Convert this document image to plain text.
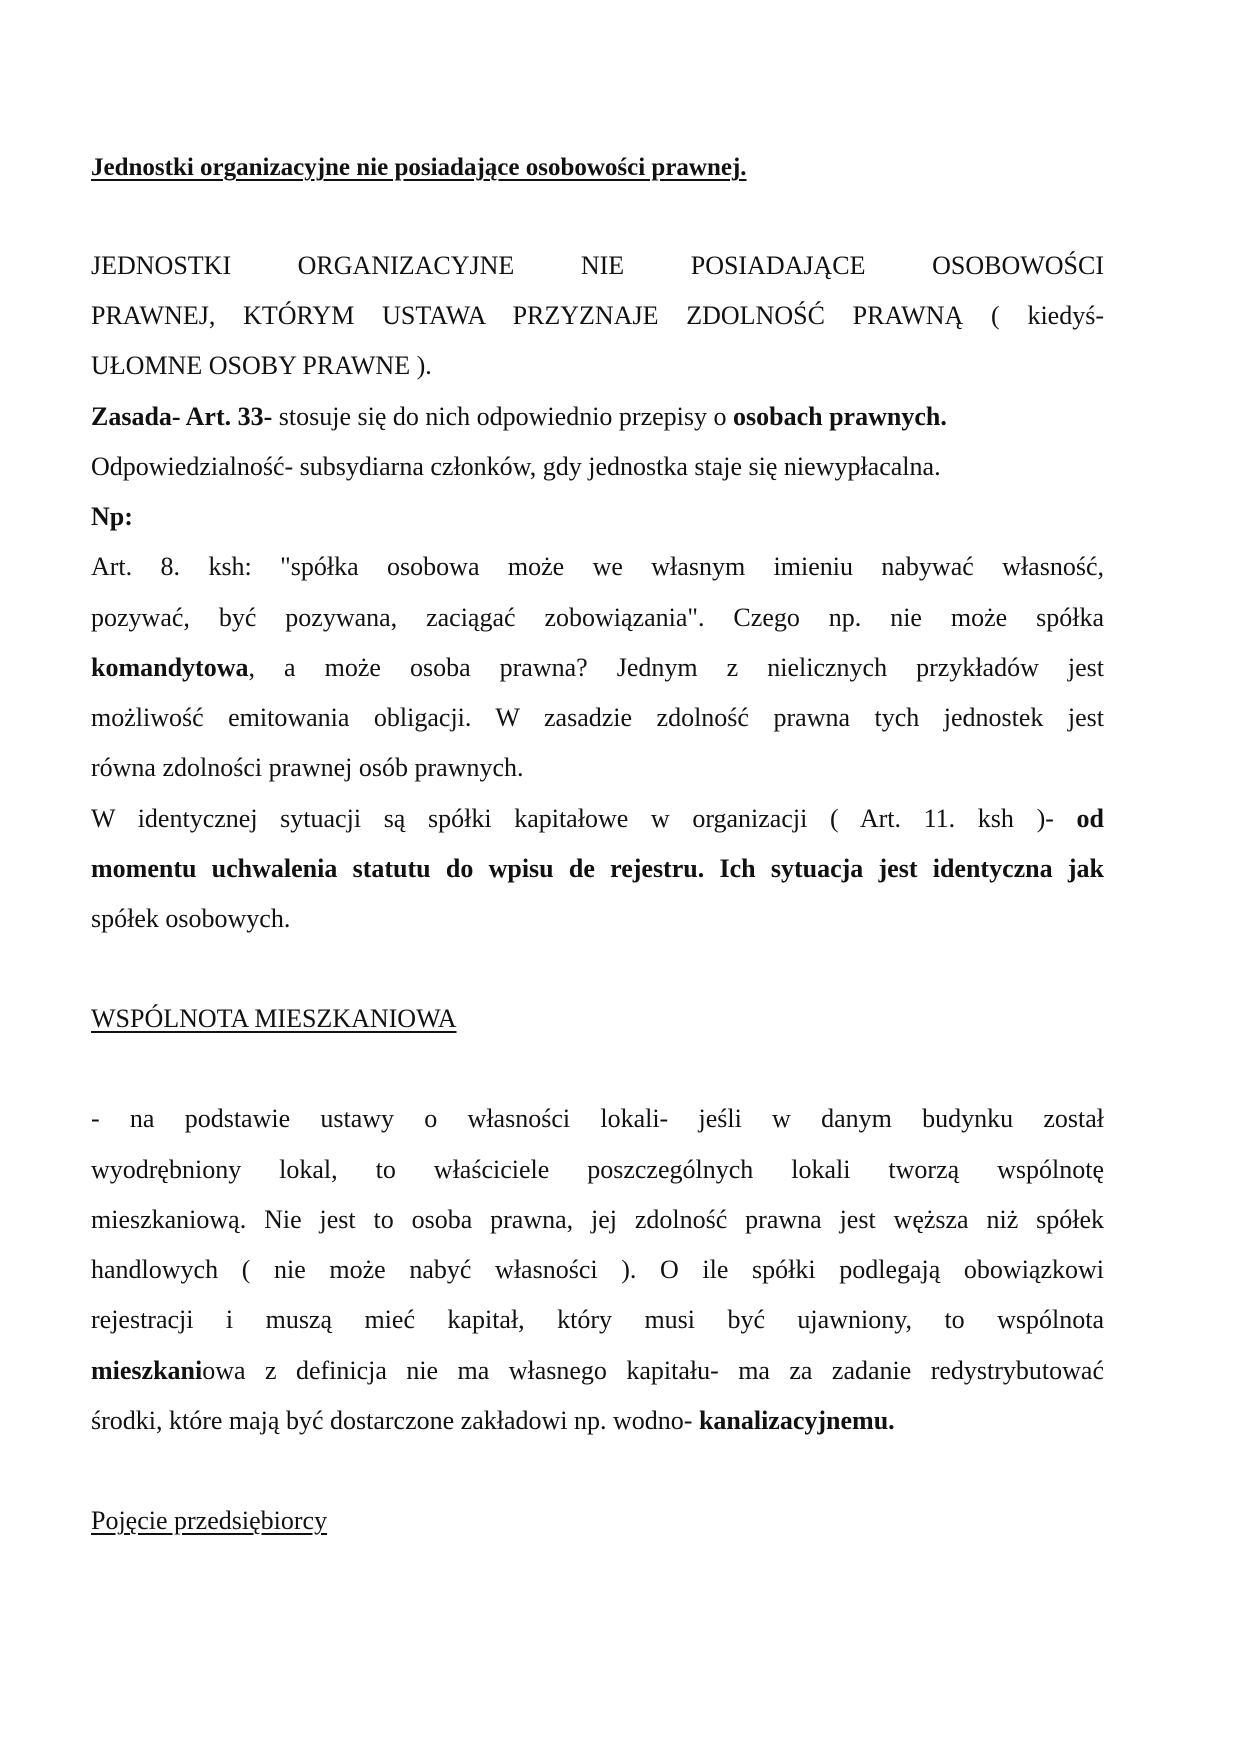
Jednostki organizacyjne nie posiadające osobowości prawnej.
JEDNOSTKI ORGANIZACYJNE NIE POSIADAJĄCE OSOBOWOŚCI
PRAWNEJ, KTÓRYM USTAWA PRZYZNAJE ZDOLNOŚĆ PRAWNĄ ( kiedyś-
UŁOMNE OSOBY PRAWNE ).
Zasada- Art. 33- stosuje się do nich odpowiednio przepisy o osobach prawnych.
Odpowiedzialność- subsydiarna członków, gdy jednostka staje się niewypłacalna.
Np:
Art. 8. ksh: "spółka osobowa może we własnym imieniu nabywać własność,
pozywać, być pozywana, zaciągać zobowiązania". Czego np. nie może spółka
komandytowa, a może osoba prawna? Jednym z nielicznych przykładów jest
możliwość emitowania obligacji. W zasadzie zdolność prawna tych jednostek jest
równa zdolności prawnej osób prawnych.
W identycznej sytuacji są spółki kapitałowe w organizacji ( Art. 11. ksh )- od
momentu uchwalenia statutu do wpisu de rejestru. Ich sytuacja jest identyczna jak
spółek osobowych.
WSPÓLNOTA MIESZKANIOWA
- na podstawie ustawy o własności lokali- jeśli w danym budynku został
wyodrębniony lokal, to właściciele poszczególnych lokali tworzą wspólnotę
mieszkaniową. Nie jest to osoba prawna, jej zdolność prawna jest węższa niż spółek
handlowych ( nie może nabyć własności ). O ile spółki podlegają obowiązkowi
rejestracji i muszą mieć kapitał, który musi być ujawniony, to wspólnota
mieszkaniowa z definicja nie ma własnego kapitału- ma za zadanie redystrybutować
środki, które mają być dostarczone zakładowi np. wodno- kanalizacyjnemu.
Pojęcie przedsiębiorcy
